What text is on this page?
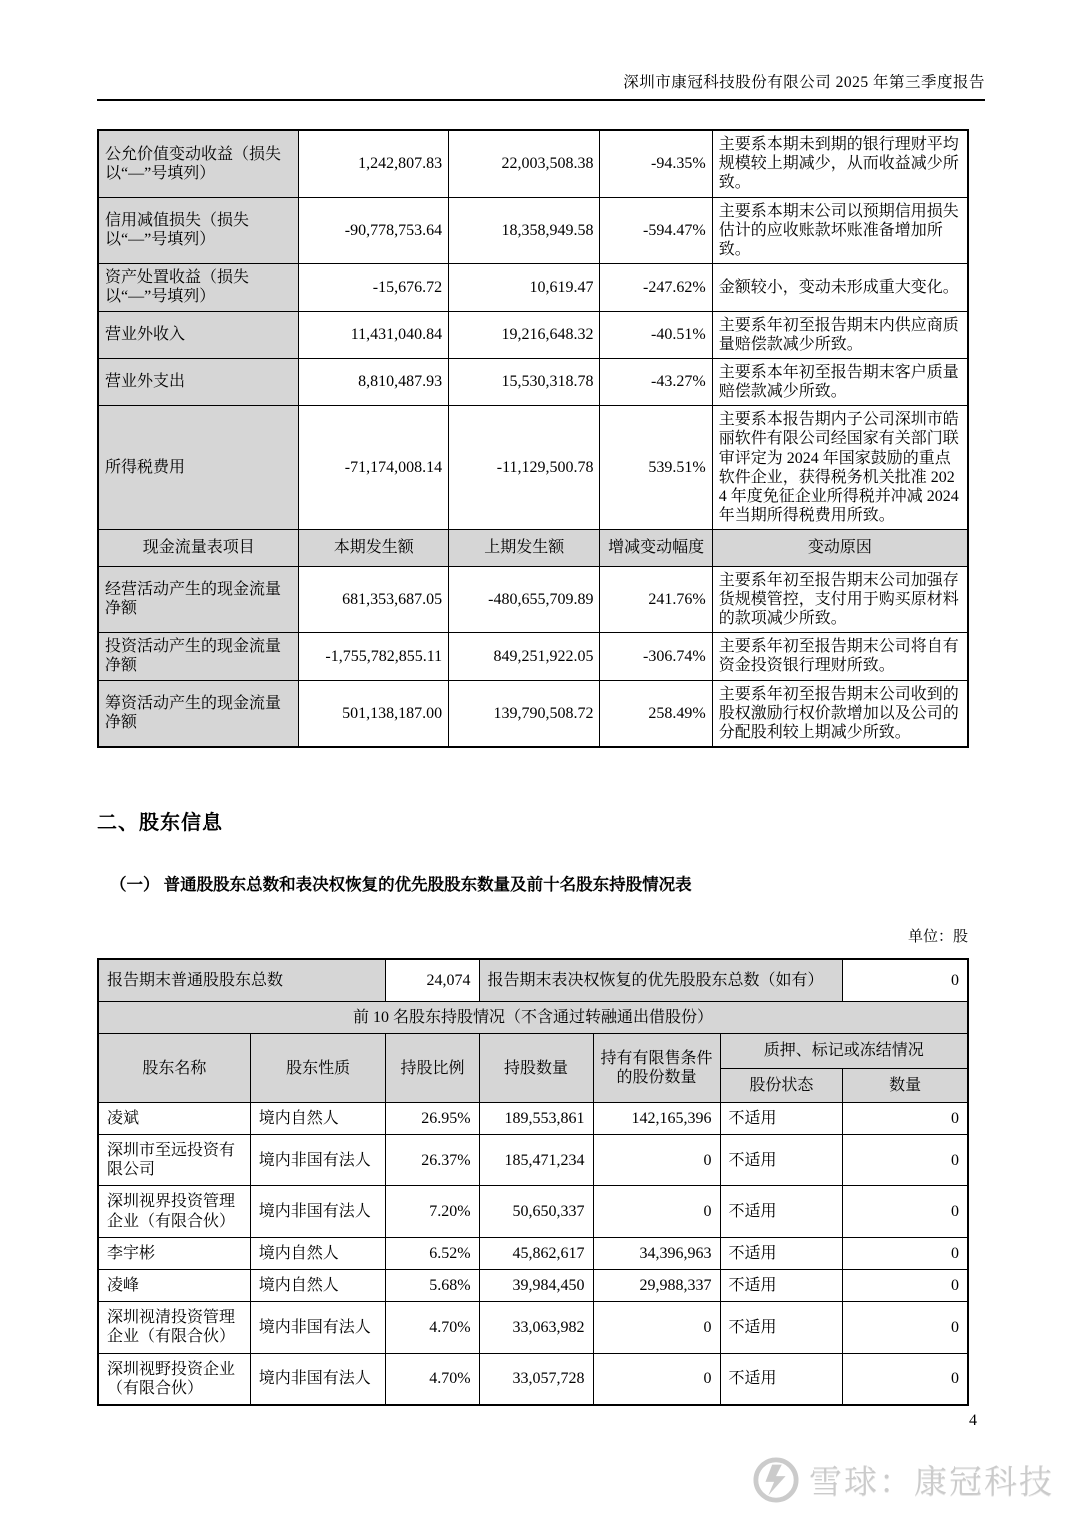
深圳市康冠科技股份有限公司 2025 年第三季度报告
公允价值变动收益（损失以“—”号填列）	1,242,807.83	22,003,508.38	-94.35%	主要系本期未到期的银行理财平均规模较上期减少，从而收益减少所致。
信用减值损失（损失以“—”号填列）	-90,778,753.64	18,358,949.58	-594.47%	主要系本期末公司以预期信用损失估计的应收账款坏账准备增加所致。
资产处置收益（损失以“—”号填列）	-15,676.72	10,619.47	-247.62%	金额较小，变动未形成重大变化。
营业外收入	11,431,040.84	19,216,648.32	-40.51%	主要系年初至报告期末内供应商质量赔偿款减少所致。
营业外支出	8,810,487.93	15,530,318.78	-43.27%	主要系本年初至报告期末客户质量赔偿款减少所致。
所得税费用	-71,174,008.14	-11,129,500.78	539.51%	主要系本报告期内子公司深圳市皓丽软件有限公司经国家有关部门联审评定为 2024 年国家鼓励的重点软件企业，获得税务机关批准 2024 年度免征企业所得税并冲减 2024 年当期所得税费用所致。
现金流量表项目	本期发生额	上期发生额	增减变动幅度	变动原因
经营活动产生的现金流量净额	681,353,687.05	-480,655,709.89	241.76%	主要系年初至报告期末公司加强存货规模管控，支付用于购买原材料的款项减少所致。
投资活动产生的现金流量净额	-1,755,782,855.11	849,251,922.05	-306.74%	主要系年初至报告期末公司将自有资金投资银行理财所致。
筹资活动产生的现金流量净额	501,138,187.00	139,790,508.72	258.49%	主要系年初至报告期末公司收到的股权激励行权价款增加以及公司的分配股利较上期减少所致。
二、股东信息
（一） 普通股股东总数和表决权恢复的优先股股东数量及前十名股东持股情况表
单位：股
报告期末普通股股东总数		24,074	报告期末表决权恢复的优先股股东总数（如有）			0
前 10 名股东持股情况（不含通过转融通出借股份）						
股东名称	股东性质	持股比例	持股数量	持有有限售条件的股份数量	质押、标记或冻结情况	
					股份状态	数量
凌斌	境内自然人	26.95%	189,553,861	142,165,396	不适用	0
深圳市至远投资有限公司	境内非国有法人	26.37%	185,471,234	0	不适用	0
深圳视界投资管理企业（有限合伙）	境内非国有法人	7.20%	50,650,337	0	不适用	0
李宇彬	境内自然人	6.52%	45,862,617	34,396,963	不适用	0
凌峰	境内自然人	5.68%	39,984,450	29,988,337	不适用	0
深圳视清投资管理企业（有限合伙）	境内非国有法人	4.70%	33,063,982	0	不适用	0
深圳视野投资企业（有限合伙）	境内非国有法人	4.70%	33,057,728	0	不适用	0
4
雪球：康冠科技
